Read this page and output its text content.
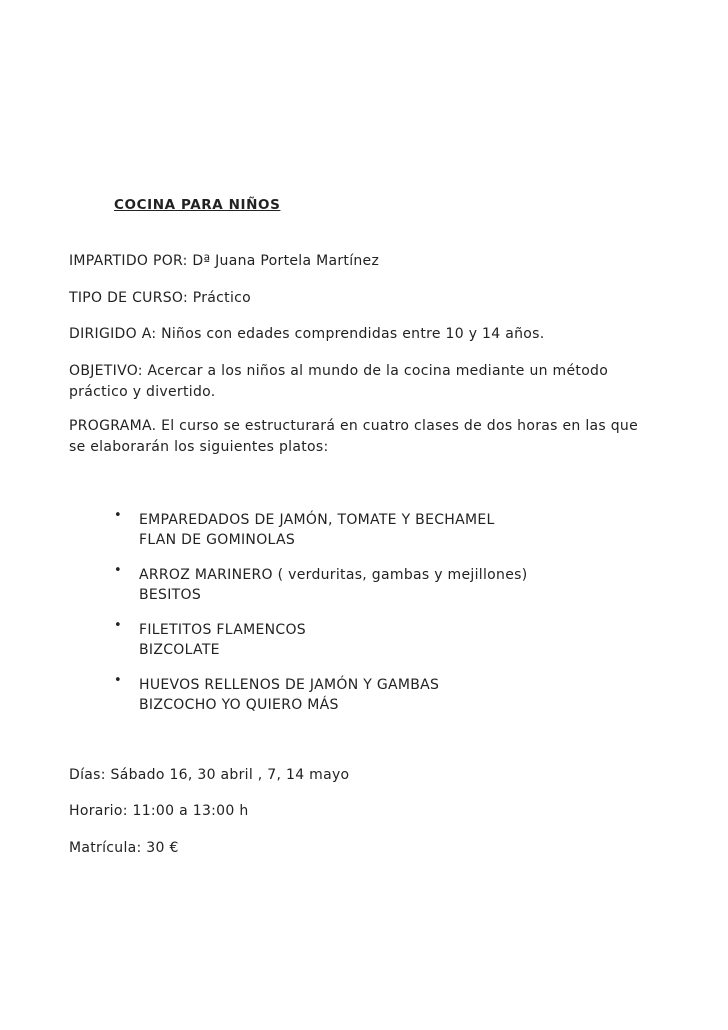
COCINA PARA NIÑOS

IMPARTIDO POR: Dª Juana Portela Martínez

TIPO DE CURSO: Práctico

DIRIGIDO A: Niños con edades comprendidas entre 10 y 14 años.

OBJETIVO: Acercar a los niños al mundo de la cocina mediante un método
práctico y divertido.
PROGRAMA. El curso se estructurará en cuatro clases de dos horas en las que
se elaborarán los siguientes platos:
• EMPAREDADOS DE JAMÓN, TOMATE Y BECHAMEL
FLAN DE GOMINOLAS
• ARROZ MARINERO ( verduritas, gambas y mejillones)
BESITOS
• FILETITOS FLAMENCOS
BIZCOLATE
• HUEVOS RELLENOS DE JAMÓN Y GAMBAS
BIZCOCHO YO QUIERO MÁS

Días: Sábado 16, 30 abril , 7, 14 mayo

Horario: 11:00 a 13:00 h

Matrícula: 30 €
